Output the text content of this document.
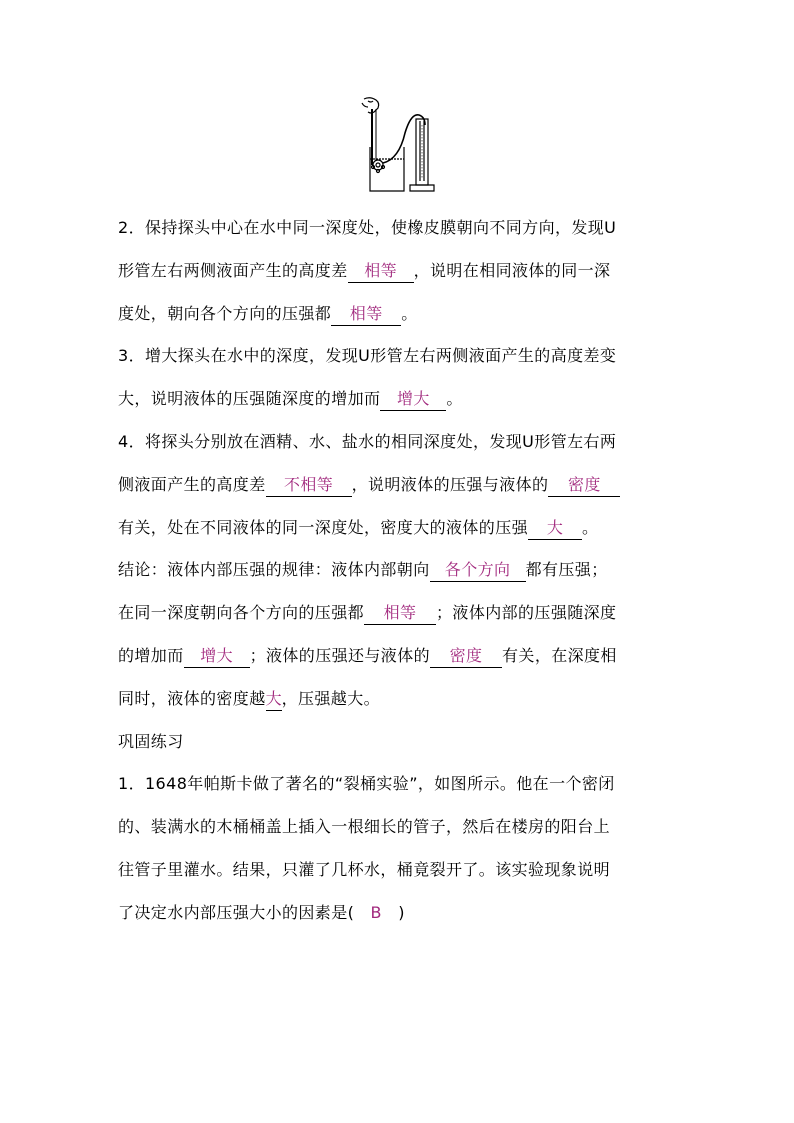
2．保持探头中心在水中同一深度处，使橡皮膜朝向不同方向，发现U
形管左右两侧液面产生的高度差 相等 ，说明在相同液体的同一深
度处，朝向各个方向的压强都 相等 。
3．增大探头在水中的深度，发现U形管左右两侧液面产生的高度差变
大，说明液体的压强随深度的增加而 增大 。
4．将探头分别放在酒精、水、盐水的相同深度处，发现U形管左右两
侧液面产生的高度差 不相等 ，说明液体的压强与液体的 密度
有关，处在不同液体的同一深度处，密度大的液体的压强 大 。
结论：液体内部压强的规律：液体内部朝向 各个方向 都有压强；
在同一深度朝向各个方向的压强都 相等 ；液体内部的压强随深度
的增加而 增大 ；液体的压强还与液体的 密度 有关，在深度相
同时，液体的密度越大，压强越大。
巩固练习
1．1648年帕斯卡做了著名的“裂桶实验”，如图所示。他在一个密闭
的、装满水的木桶桶盖上插入一根细长的管子，然后在楼房的阳台上
往管子里灌水。结果，只灌了几杯水，桶竟裂开了。该实验现象说明
了决定水内部压强大小的因素是( B )
